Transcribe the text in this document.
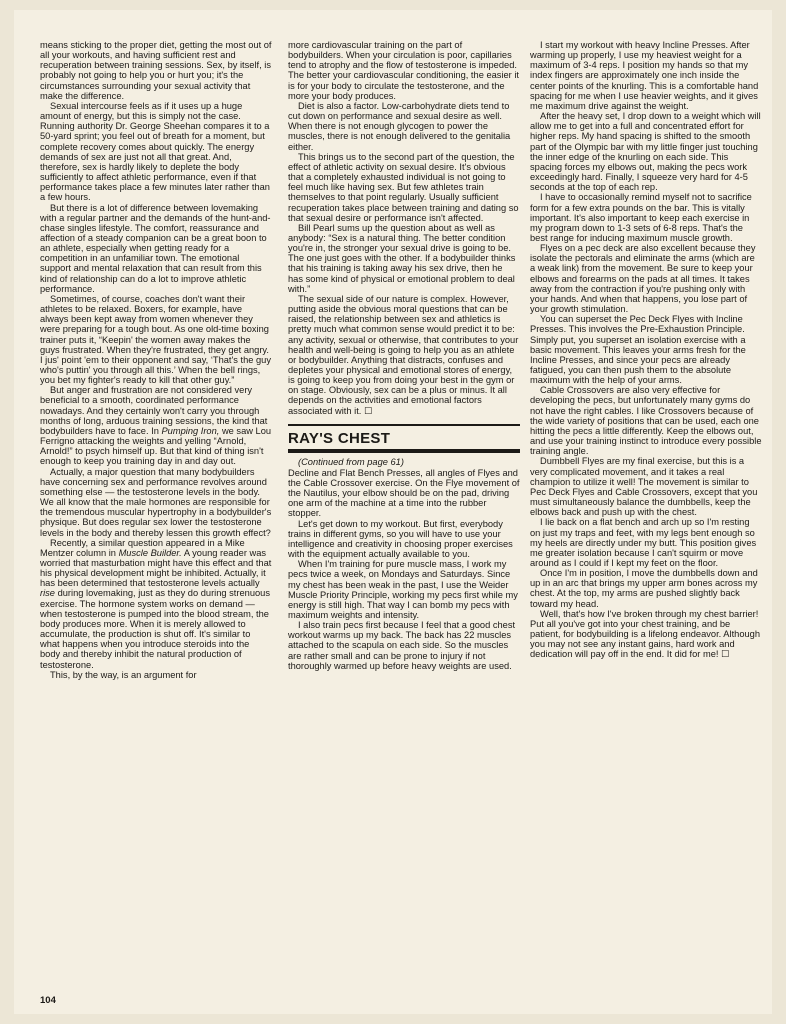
means sticking to the proper diet, getting the most out of all your workouts, and having sufficient rest and recuperation between training sessions. Sex, by itself, is probably not going to help you or hurt you; it's the circumstances surrounding your sexual activity that make the difference.

Sexual intercourse feels as if it uses up a huge amount of energy, but this is simply not the case. Running authority Dr. George Sheehan compares it to a 50-yard sprint; you feel out of breath for a moment, but complete recovery comes about quickly. The energy demands of sex are just not all that great. And, therefore, sex is hardly likely to deplete the body sufficiently to affect athletic performance, even if that performance takes place a few minutes later rather than a few hours.

But there is a lot of difference between lovemaking with a regular partner and the demands of the hunt-and-chase singles lifestyle. The comfort, reassurance and affection of a steady companion can be a great boon to an athlete, especially when getting ready for a competition in an unfamiliar town. The emotional support and mental relaxation that can result from this kind of relationship can do a lot to improve athletic performance.

Sometimes, of course, coaches don't want their athletes to be relaxed. Boxers, for example, have always been kept away from women whenever they were preparing for a tough bout. As one old-time boxing trainer puts it, “Keepin' the women away makes the guys frustrated. When they're frustrated, they get angry. I jus' point 'em to their opponent and say, ‘That's the guy who's puttin' you through all this.’ When the bell rings, you bet my fighter's ready to kill that other guy.”

But anger and frustration are not considered very beneficial to a smooth, coordinated performance nowadays. And they certainly won't carry you through months of long, arduous training sessions, the kind that bodybuilders have to face. In Pumping Iron, we saw Lou Ferrigno attacking the weights and yelling “Arnold, Arnold!” to psych himself up. But that kind of thing isn't enough to keep you training day in and day out.

Actually, a major question that many bodybuilders have concerning sex and performance revolves around something else — the testosterone levels in the body. We all know that the male hormones are responsible for the tremendous muscular hypertrophy in a bodybuilder's physique. But does regular sex lower the testosterone levels in the body and thereby lessen this growth effect?

Recently, a similar question appeared in a Mike Mentzer column in Muscle Builder. A young reader was worried that masturbation might have this effect and that his physical development might be inhibited. Actually, it has been determined that testosterone levels actually rise during lovemaking, just as they do during strenuous exercise. The hormone system works on demand — when testosterone is pumped into the blood stream, the body produces more. When it is merely allowed to accumulate, the production is shut off. It's similar to what happens when you introduce steroids into the body and thereby inhibit the natural production of testosterone.

This, by the way, is an argument for

more cardiovascular training on the part of bodybuilders. When your circulation is poor, capillaries tend to atrophy and the flow of testosterone is impeded. The better your cardiovascular conditioning, the easier it is for your body to circulate the testosterone, and the more your body produces.

Diet is also a factor. Low-carbohydrate diets tend to cut down on performance and sexual desire as well. When there is not enough glycogen to power the muscles, there is not enough delivered to the genitalia either.

This brings us to the second part of the question, the effect of athletic activity on sexual desire. It's obvious that a completely exhausted individual is not going to feel much like having sex. But few athletes train themselves to that point regularly. Usually sufficient recuperation takes place between training and dating so that sexual desire or performance isn't affected.

Bill Pearl sums up the question about as well as anybody: “Sex is a natural thing. The better condition you're in, the stronger your sexual drive is going to be. The one just goes with the other. If a bodybuilder thinks that his training is taking away his sex drive, then he has some kind of physical or emotional problem to deal with.”

The sexual side of our nature is complex. However, putting aside the obvious moral questions that can be raised, the relationship between sex and athletics is pretty much what common sense would predict it to be: any activity, sexual or otherwise, that contributes to your health and well-being is going to help you as an athlete or bodybuilder. Anything that distracts, confuses and depletes your physical and emotional stores of energy, is going to keep you from doing your best in the gym or on stage. Obviously, sex can be a plus or minus. It all depends on the activities and emotional factors associated with it. ☐

RAY'S CHEST

(Continued from page 61)

Decline and Flat Bench Presses, all angles of Flyes and the Cable Crossover exercise. On the Flye movement of the Nautilus, your elbow should be on the pad, driving one arm of the machine at a time into the rubber stopper.

Let's get down to my workout. But first, everybody trains in different gyms, so you will have to use your intelligence and creativity in choosing proper exercises with the equipment actually available to you.

When I'm training for pure muscle mass, I work my pecs twice a week, on Mondays and Saturdays. Since my chest has been weak in the past, I use the Weider Muscle Priority Principle, working my pecs first while my energy is still high. That way I can bomb my pecs with maximum weights and intensity.

I also train pecs first because I feel that a good chest workout warms up my back. The back has 22 muscles attached to the scapula on each side. So the muscles are rather small and can be prone to injury if not thoroughly warmed up before heavy weights are used.

I start my workout with heavy Incline Presses. After warming up properly, I use my heaviest weight for a maximum of 3-4 reps. I position my hands so that my index fingers are approximately one inch inside the center points of the knurling. This is a comfortable hand spacing for me when I use heavier weights, and it gives me maximum drive against the weight.

After the heavy set, I drop down to a weight which will allow me to get into a full and concentrated effort for higher reps. My hand spacing is shifted to the smooth part of the Olympic bar with my little finger just touching the inner edge of the knurling on each side. This spacing forces my elbows out, making the pecs work exceedingly hard. Finally, I squeeze very hard for 4-5 seconds at the top of each rep.

I have to occasionally remind myself not to sacrifice form for a few extra pounds on the bar. This is vitally important. It's also important to keep each exercise in my program down to 1-3 sets of 6-8 reps. That's the best range for inducing maximum muscle growth.

Flyes on a pec deck are also excellent because they isolate the pectorals and eliminate the arms (which are a weak link) from the movement. Be sure to keep your elbows and forearms on the pads at all times. It takes away from the contraction if you're pushing only with your hands. And when that happens, you lose part of your growth stimulation.

You can superset the Pec Deck Flyes with Incline Presses. This involves the Pre-Exhaustion Principle. Simply put, you superset an isolation exercise with a basic movement. This leaves your arms fresh for the Incline Presses, and since your pecs are already fatigued, you can then push them to the absolute maximum with the help of your arms.

Cable Crossovers are also very effective for developing the pecs, but unfortunately many gyms do not have the right cables. I like Crossovers because of the wide variety of positions that can be used, each one hitting the pecs a little differently. Keep the elbows out, and use your training instinct to introduce every possible training angle.

Dumbbell Flyes are my final exercise, but this is a very complicated movement, and it takes a real champion to utilize it well! The movement is similar to Pec Deck Flyes and Cable Crossovers, except that you must simultaneously balance the dumbbells, keep the elbows back and push up with the chest.

I lie back on a flat bench and arch up so I'm resting on just my traps and feet, with my legs bent enough so my heels are directly under my butt. This position gives me greater isolation because I can't squirm or move around as I could if I kept my feet on the floor.

Once I'm in position, I move the dumbbells down and up in an arc that brings my upper arm bones across my chest. At the top, my arms are pushed slightly back toward my head.

Well, that's how I've broken through my chest barrier! Put all you've got into your chest training, and be patient, for bodybuilding is a lifelong endeavor. Although you may not see any instant gains, hard work and dedication will pay off in the end. It did for me! ☐

104
